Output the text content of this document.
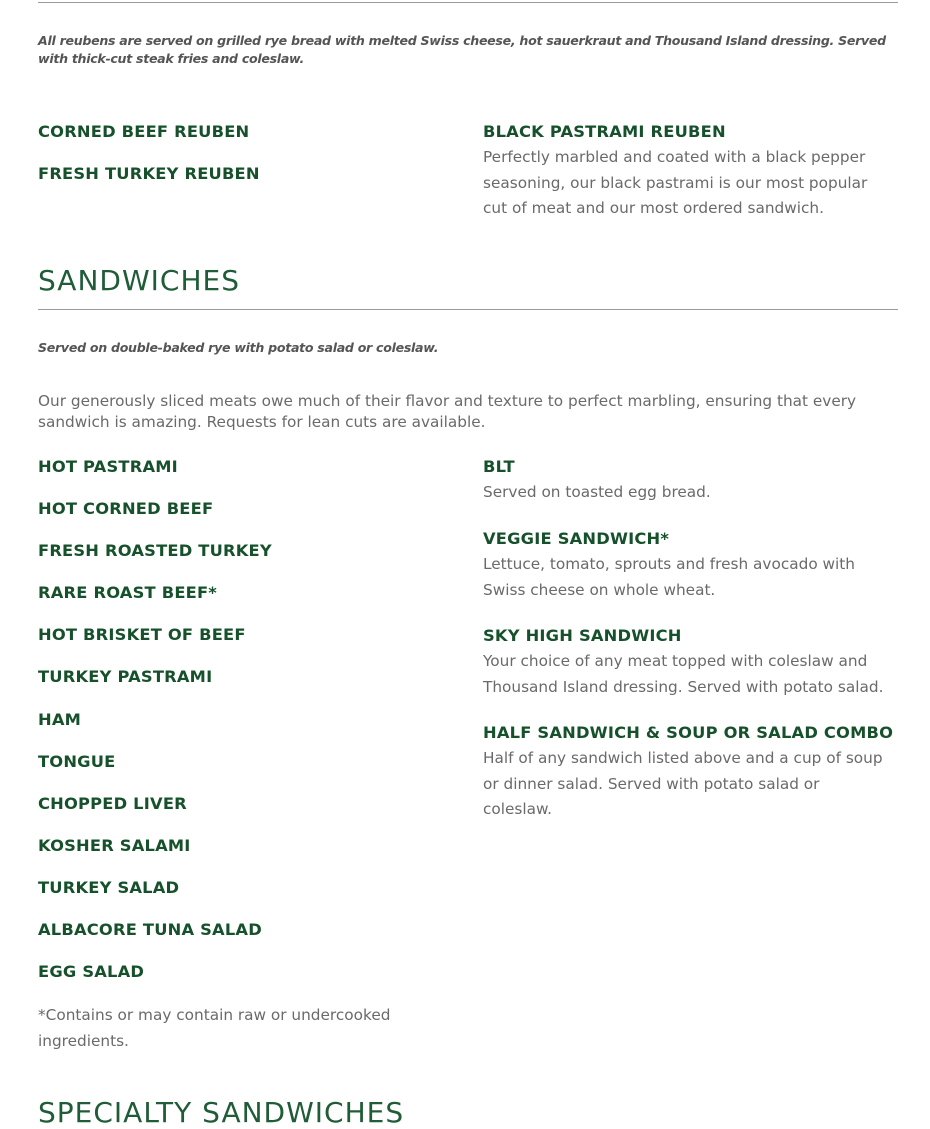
All reubens are served on grilled rye bread with melted Swiss cheese, hot sauerkraut and Thousand Island dressing. Served with thick-cut steak fries and coleslaw.
CORNED BEEF REUBEN
FRESH TURKEY REUBEN
BLACK PASTRAMI REUBEN
Perfectly marbled and coated with a black pepper seasoning, our black pastrami is our most popular cut of meat and our most ordered sandwich.
SANDWICHES
Served on double-baked rye with potato salad or coleslaw.
Our generously sliced meats owe much of their flavor and texture to perfect marbling, ensuring that every sandwich is amazing. Requests for lean cuts are available.
HOT PASTRAMI
HOT CORNED BEEF
FRESH ROASTED TURKEY
RARE ROAST BEEF*
HOT BRISKET OF BEEF
TURKEY PASTRAMI
HAM
TONGUE
CHOPPED LIVER
KOSHER SALAMI
TURKEY SALAD
ALBACORE TUNA SALAD
EGG SALAD
*Contains or may contain raw or undercooked ingredients.
BLT
Served on toasted egg bread.
VEGGIE SANDWICH*
Lettuce, tomato, sprouts and fresh avocado with Swiss cheese on whole wheat.
SKY HIGH SANDWICH
Your choice of any meat topped with coleslaw and Thousand Island dressing. Served with potato salad.
HALF SANDWICH & SOUP OR SALAD COMBO
Half of any sandwich listed above and a cup of soup or dinner salad. Served with potato salad or coleslaw.
SPECIALTY SANDWICHES
